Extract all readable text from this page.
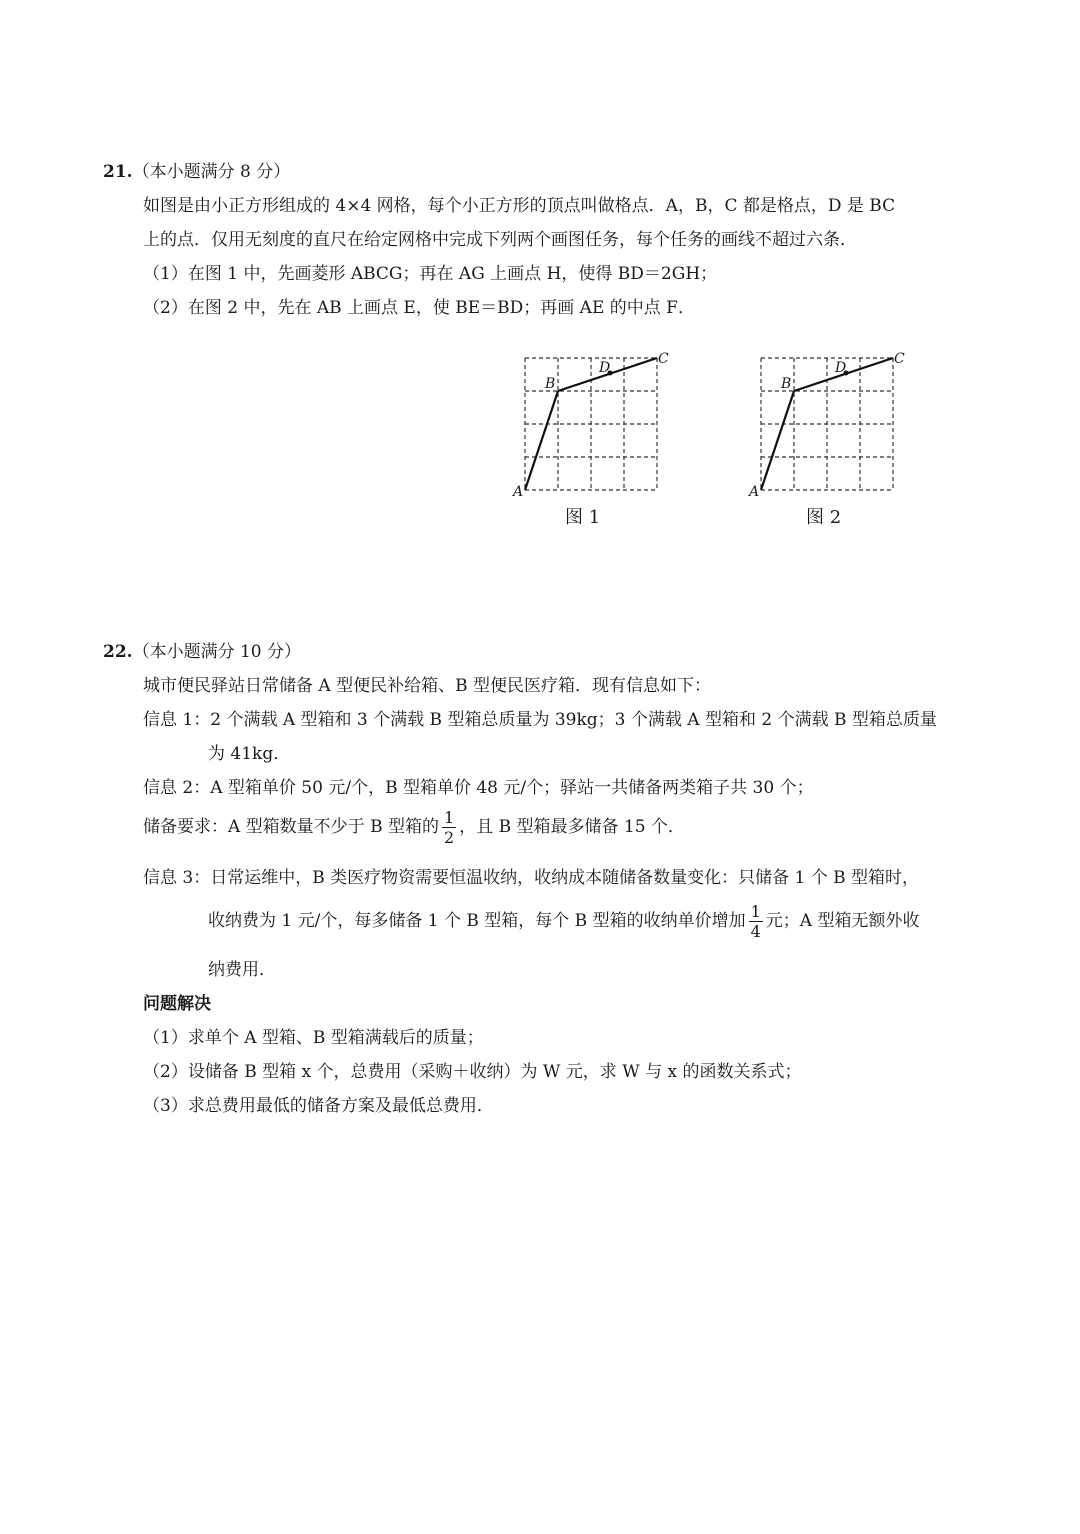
21.（本小题满分 8 分）
如图是由小正方形组成的 4×4 网格，每个小正方形的顶点叫做格点．A，B，C 都是格点，D 是 BC
上的点．仅用无刻度的直尺在给定网格中完成下列两个画图任务，每个任务的画线不超过六条．
（1）在图 1 中，先画菱形 ABCG；再在 AG 上画点 H，使得 BD＝2GH；
（2）在图 2 中，先在 AB 上画点 E，使 BE＝BD；再画 AE 的中点 F．
A
B
C
D
图 1
A
B
C
D
图 2
22.（本小题满分 10 分）
城市便民驿站日常储备 A 型便民补给箱、B 型便民医疗箱．现有信息如下：
信息 1：2 个满载 A 型箱和 3 个满载 B 型箱总质量为 39kg；3 个满载 A 型箱和 2 个满载 B 型箱总质量
为 41kg．
信息 2：A 型箱单价 50 元/个，B 型箱单价 48 元/个；驿站一共储备两类箱子共 30 个；
储备要求：A 型箱数量不少于 B 型箱的 $\frac{1}{2}$ ，且 B 型箱最多储备 15 个．
信息 3：日常运维中，B 类医疗物资需要恒温收纳，收纳成本随储备数量变化：只储备 1 个 B 型箱时，
收纳费为 1 元/个，每多储备 1 个 B 型箱，每个 B 型箱的收纳单价增加 $\frac{1}{4}$ 元；A 型箱无额外收
纳费用．
问题解决
（1）求单个 A 型箱、B 型箱满载后的质量；
（2）设储备 B 型箱 x 个，总费用（采购＋收纳）为 W 元，求 W 与 x 的函数关系式；
（3）求总费用最低的储备方案及最低总费用．
